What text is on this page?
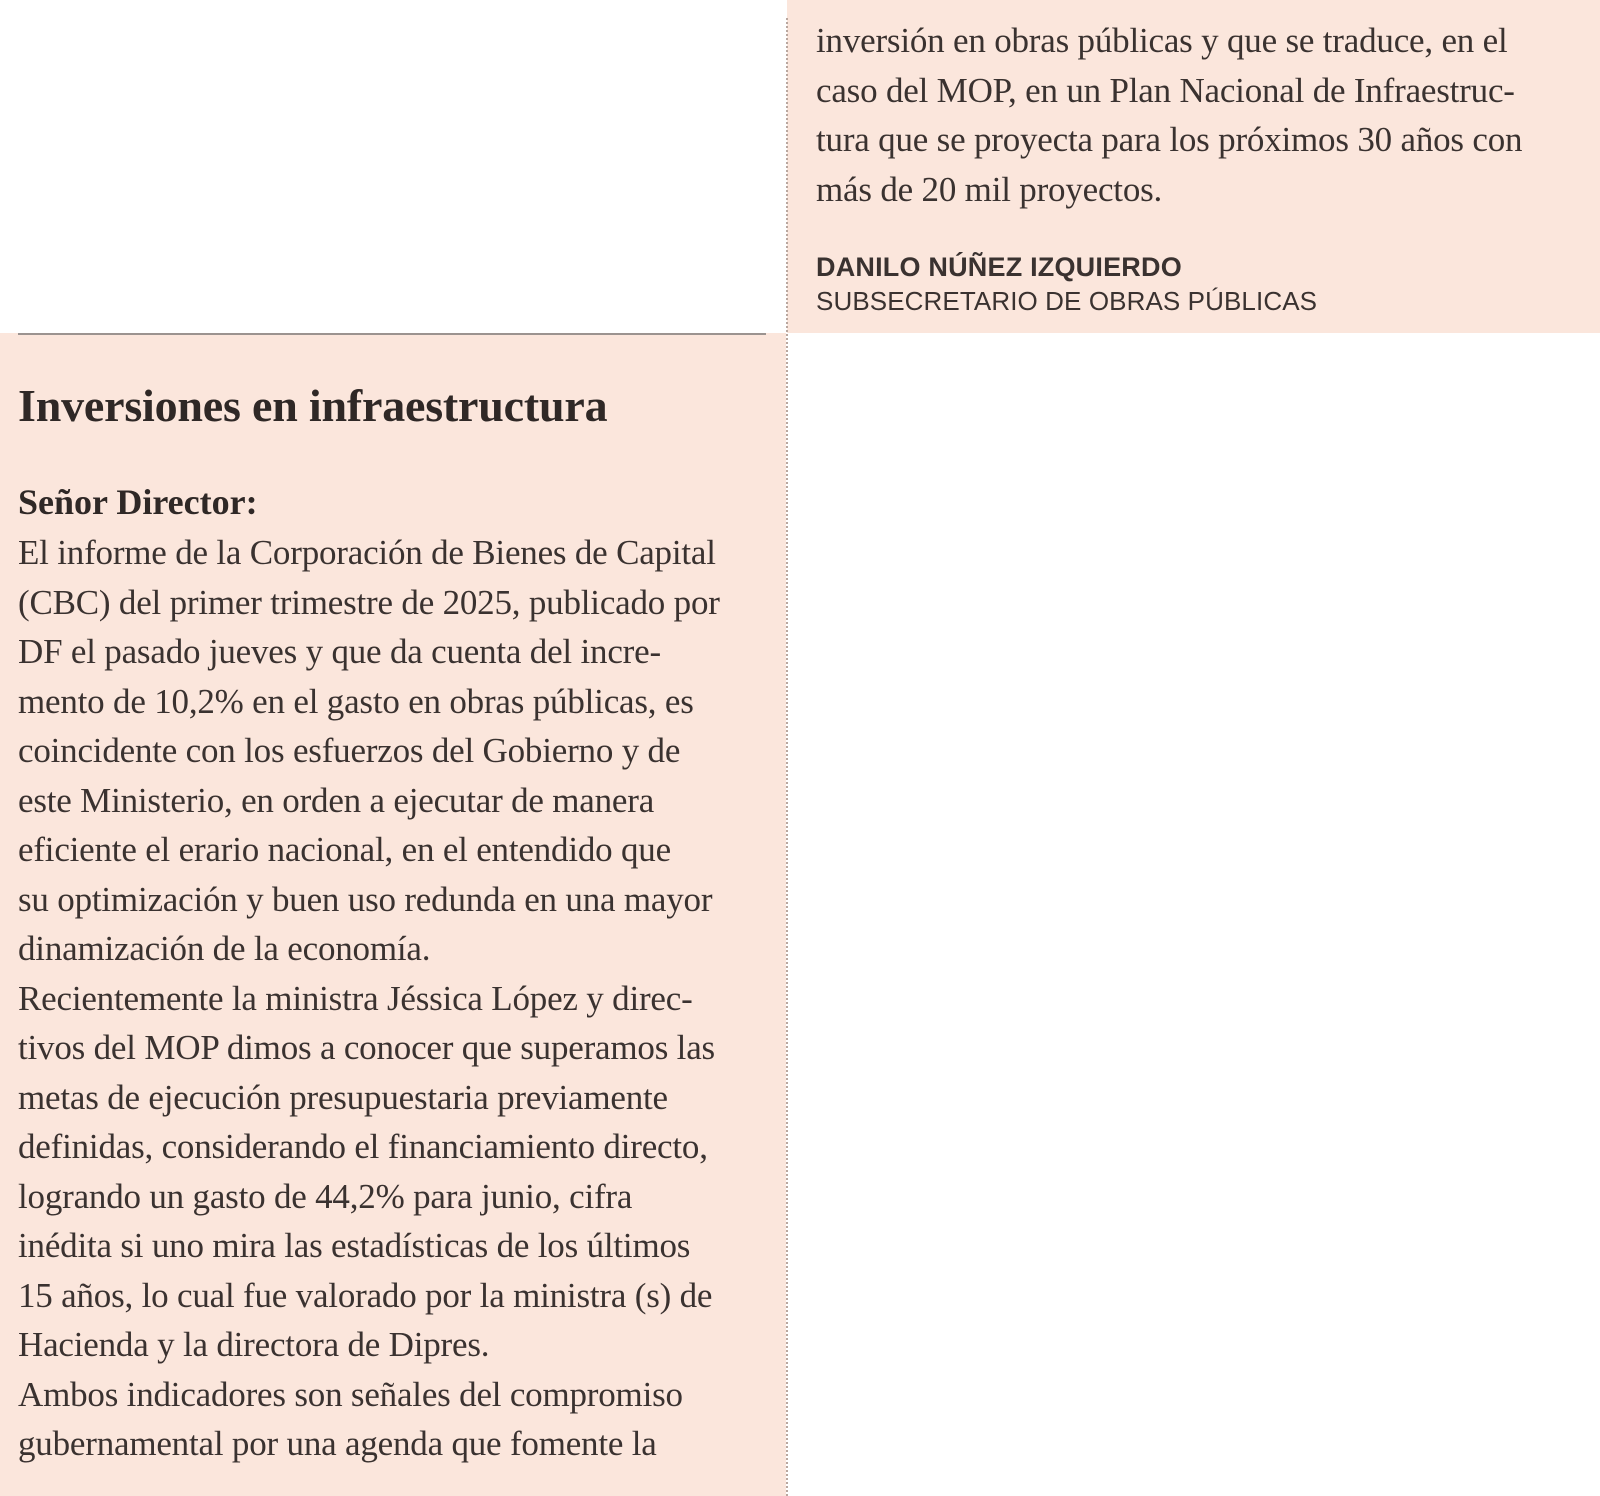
inversión en obras públicas y que se traduce, en el

caso del MOP, en un Plan Nacional de Infraestruc-

tura que se proyecta para los próximos 30 años con

más de 20 mil proyectos.

DANILO NÚÑEZ IZQUIERDO
SUBSECRETARIO DE OBRAS PÚBLICAS
Inversiones en infraestructura
Señor Director:

El informe de la Corporación de Bienes de Capital

(CBC) del primer trimestre de 2025, publicado por

DF el pasado jueves y que da cuenta del incre-

mento de 10,2% en el gasto en obras públicas, es

coincidente con los esfuerzos del Gobierno y de

este Ministerio, en orden a ejecutar de manera

eficiente el erario nacional, en el entendido que

su optimización y buen uso redunda en una mayor

dinamización de la economía.

Recientemente la ministra Jéssica López y direc-

tivos del MOP dimos a conocer que superamos las

metas de ejecución presupuestaria previamente

definidas, considerando el financiamiento directo,

logrando un gasto de 44,2% para junio, cifra

inédita si uno mira las estadísticas de los últimos

15 años, lo cual fue valorado por la ministra (s) de

Hacienda y la directora de Dipres.

Ambos indicadores son señales del compromiso

gubernamental por una agenda que fomente la
